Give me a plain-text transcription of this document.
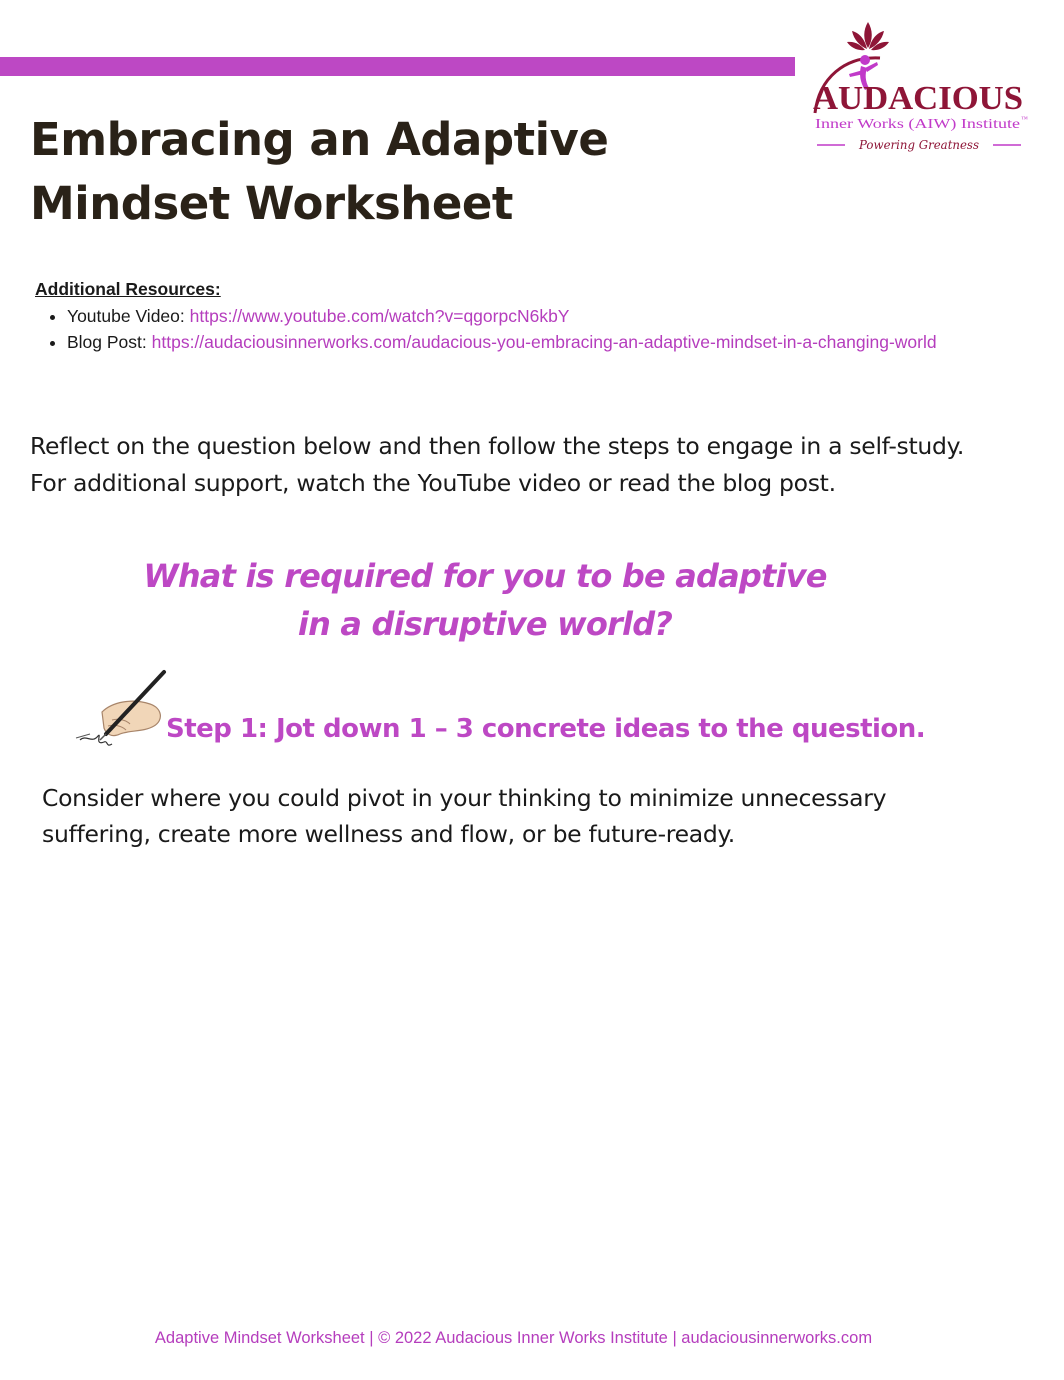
AUDACIOUS
Inner Works (AIW) Institute ™
Powering Greatness
Embracing an Adaptive Mindset Worksheet

Additional Resources:

• Youtube Video: https://www.youtube.com/watch?v=qgorpcN6kbY
• Blog Post: https://audaciousinnerworks.com/audacious-you-embracing-an-adaptive-mindset-in-a-changing-world

Reflect on the question below and then follow the steps to engage in a self-study. For additional support, watch the YouTube video or read the blog post.

What is required for you to be adaptive
in a disruptive world?
Step 1: Jot down 1 – 3 concrete ideas to the question.

Consider where you could pivot in your thinking to minimize unnecessary suffering, create more wellness and flow, or be future-ready.

Adaptive Mindset Worksheet | © 2022 Audacious Inner Works Institute | audaciousinnerworks.com
